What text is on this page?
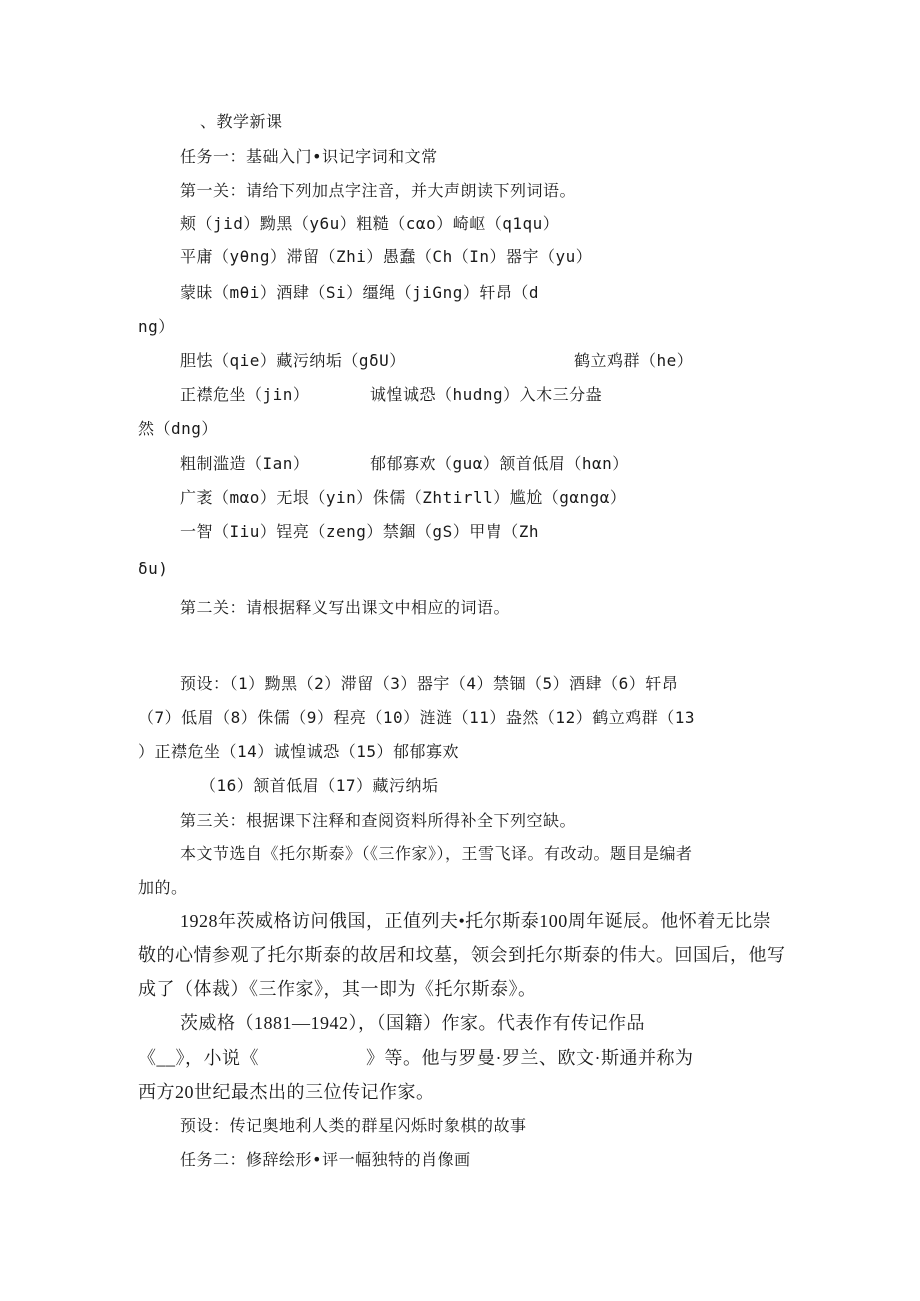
、教学新课
任务一：基础入门•识记字词和文常
第一关：请给下列加点字注音，并大声朗读下列词语。
颊（jid）黝黑（y6u）粗糙（cαo）崎岖（q1qu）
平庸（yθng）滞留（Zhi）愚蠢（Ch（In）器宇（yu）
蒙昧（mθi）酒肆（Si）缰绳（jiGng）轩昂（d
ng）
胆怯（qie）藏污纳垢（gδU）	鹤立鸡群（he）
正襟危坐（jin）	诚惶诚恐（hudng）入木三分盎
然（dng）
粗制滥造（Ian）	郁郁寡欢（guα）颔首低眉（hαn）
广袤（mαo）无垠（yin）侏儒（Zhtirll）尴尬（gαngα）
一智（Iiu）锃亮（zeng）禁錮（gS）甲胄（Zh
δu)
第二关：请根据释义写出课文中相应的词语。
预设：（1）黝黑（2）滞留（3）器宇（4）禁锢（5）酒肆（6）轩昂
（7）低眉（8）侏儒（9）程亮（10）涟涟（11）盎然（12）鹤立鸡群（13
）正襟危坐（14）诚惶诚恐（15）郁郁寡欢
（16）颔首低眉（17）藏污纳垢
第三关：根据课下注释和查阅资料所得补全下列空缺。
本文节选自《托尔斯泰》（《三作家》），王雪飞译。有改动。题目是编者
加的。
1928年茨威格访问俄国，正值列夫•托尔斯泰100周年诞辰。他怀着无比崇
敬的心情参观了托尔斯泰的故居和坟墓，领会到托尔斯泰的伟大。回国后，他写
成了（体裁）《三作家》，其一即为《托尔斯泰》。
茨威格（1881—1942），（国籍）作家。代表作有传记作品
《__》，小说《	》等。他与罗曼·罗兰、欧文·斯通并称为
西方20世纪最杰出的三位传记作家。
预设：传记奥地利人类的群星闪烁时象棋的故事
任务二：修辞绘形•评一幅独特的肖像画
